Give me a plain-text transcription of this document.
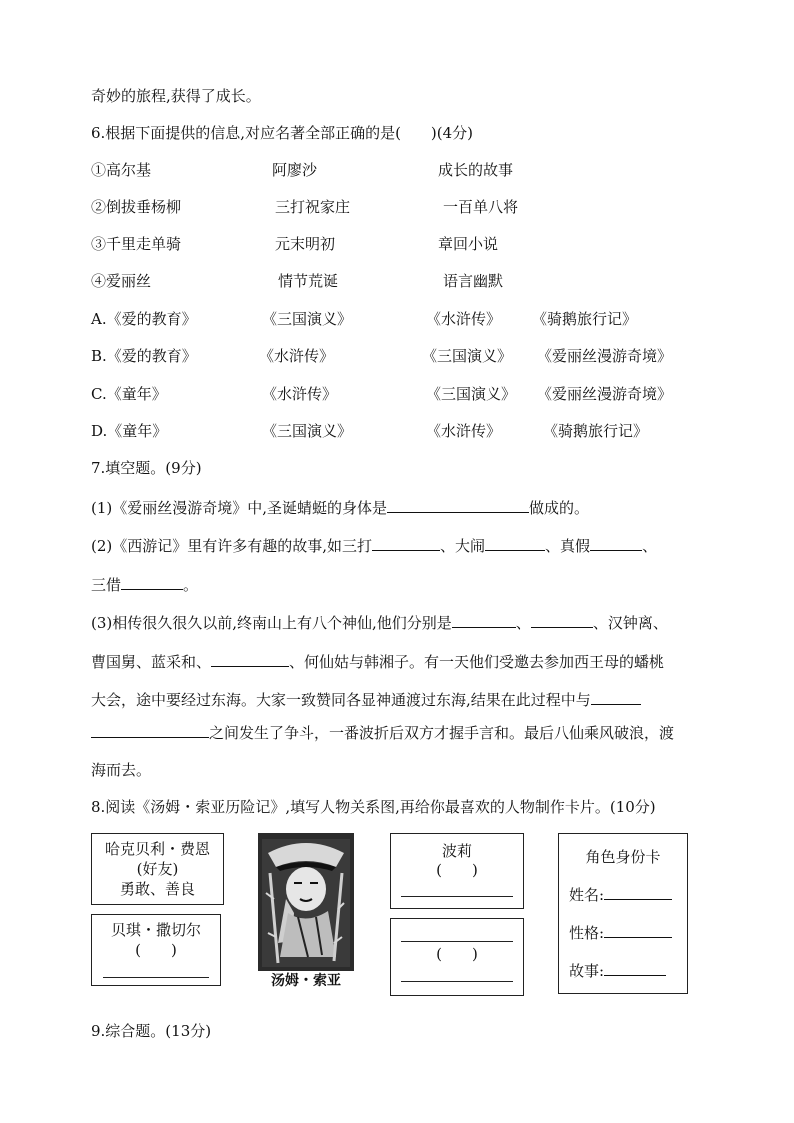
奇妙的旅程,获得了成长。
6.根据下面提供的信息,对应名著全部正确的是(　　)(4分)
①高尔基	阿廖沙	成长的故事
②倒拔垂杨柳	三打祝家庄	一百单八将
③千里走单骑	元末明初	章回小说
④爱丽丝	情节荒诞	语言幽默
A.《爱的教育》	《三国演义》	《水浒传》 《骑鹅旅行记》
B.《爱的教育》	《水浒传》	《三国演义》 《爱丽丝漫游奇境》
C.《童年》	《水浒传》	《三国演义》 《爱丽丝漫游奇境》
D.《童年》	《三国演义》	《水浒传》	《骑鹅旅行记》
7.填空题。(9分)
(1)《爱丽丝漫游奇境》中,圣诞蜻蜓的身体是	做成的。
(2)《西游记》里有许多有趣的故事,如三打	、大闹	、真假	、
三借	。
(3)相传很久很久以前,终南山上有八个神仙,他们分别是	、	、汉钟离、
曹国舅、蓝采和、	、何仙姑与韩湘子。有一天他们受邀去参加西王母的蟠桃
大会，途中要经过东海。大家一致赞同各显神通渡过东海,结果在此过程中与
之间发生了争斗，一番波折后双方才握手言和。最后八仙乘风破浪，渡
海而去。
8.阅读《汤姆・索亚历险记》,填写人物关系图,再给你最喜欢的人物制作卡片。(10分)
哈克贝利・费恩
(好友)
勇敢、善良
贝琪・撒切尔
(　　)
汤姆・索亚
波莉
(　　)
(　　)
角色身份卡
姓名:
性格:
故事:
9.综合题。(13分)
